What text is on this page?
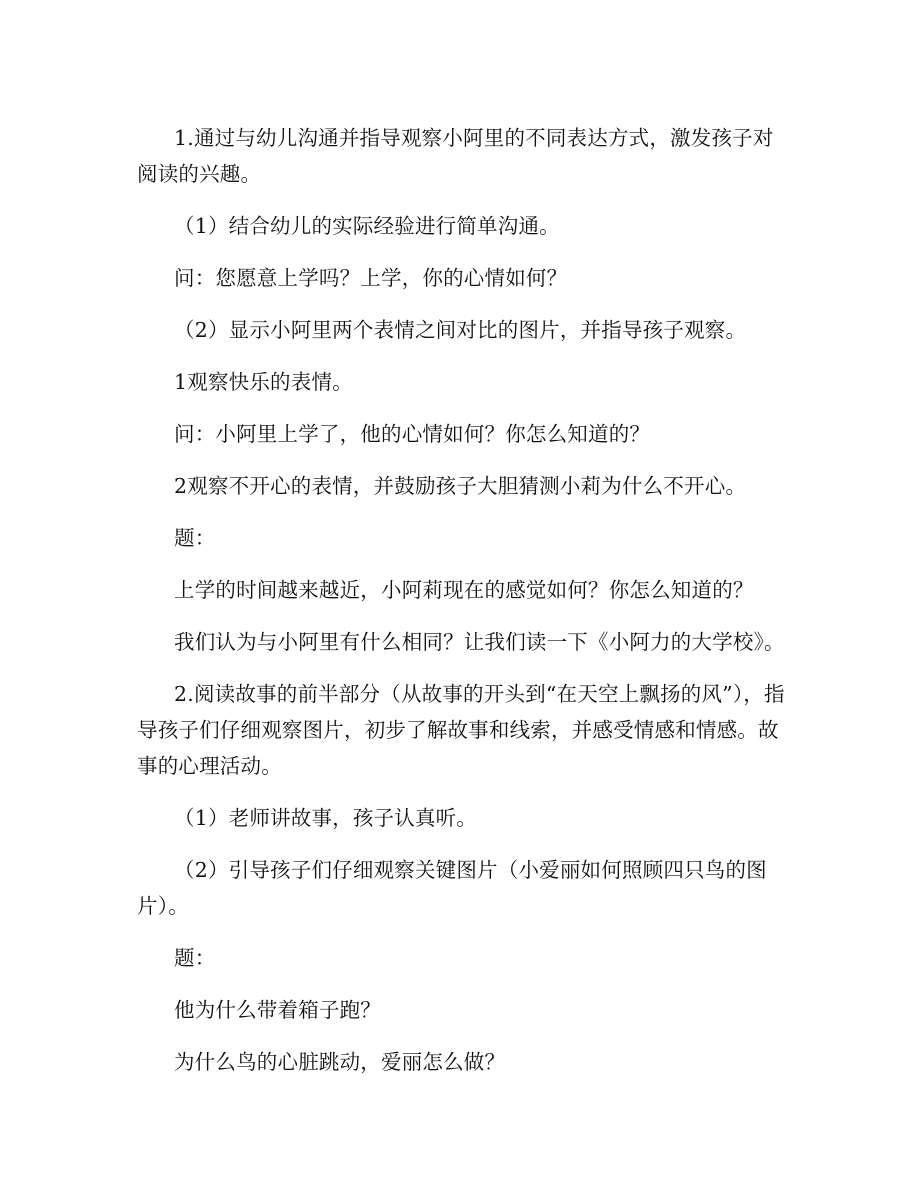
1.通过与幼儿沟通并指导观察小阿里的不同表达方式，激发孩子对阅读的兴趣。

（1）结合幼儿的实际经验进行简单沟通。

问：您愿意上学吗？上学，你的心情如何？

（2）显示小阿里两个表情之间对比的图片，并指导孩子观察。

1观察快乐的表情。

问：小阿里上学了，他的心情如何？你怎么知道的？

2观察不开心的表情，并鼓励孩子大胆猜测小莉为什么不开心。

题：

上学的时间越来越近，小阿莉现在的感觉如何？你怎么知道的？

我们认为与小阿里有什么相同？让我们读一下《小阿力的大学校》。

2.阅读故事的前半部分（从故事的开头到“在天空上飘扬的风”），指导孩子们仔细观察图片，初步了解故事和线索，并感受情感和情感。故事的心理活动。

（1）老师讲故事，孩子认真听。

（2）引导孩子们仔细观察关键图片（小爱丽如何照顾四只鸟的图片）。

题：

他为什么带着箱子跑？

为什么鸟的心脏跳动，爱丽怎么做？
